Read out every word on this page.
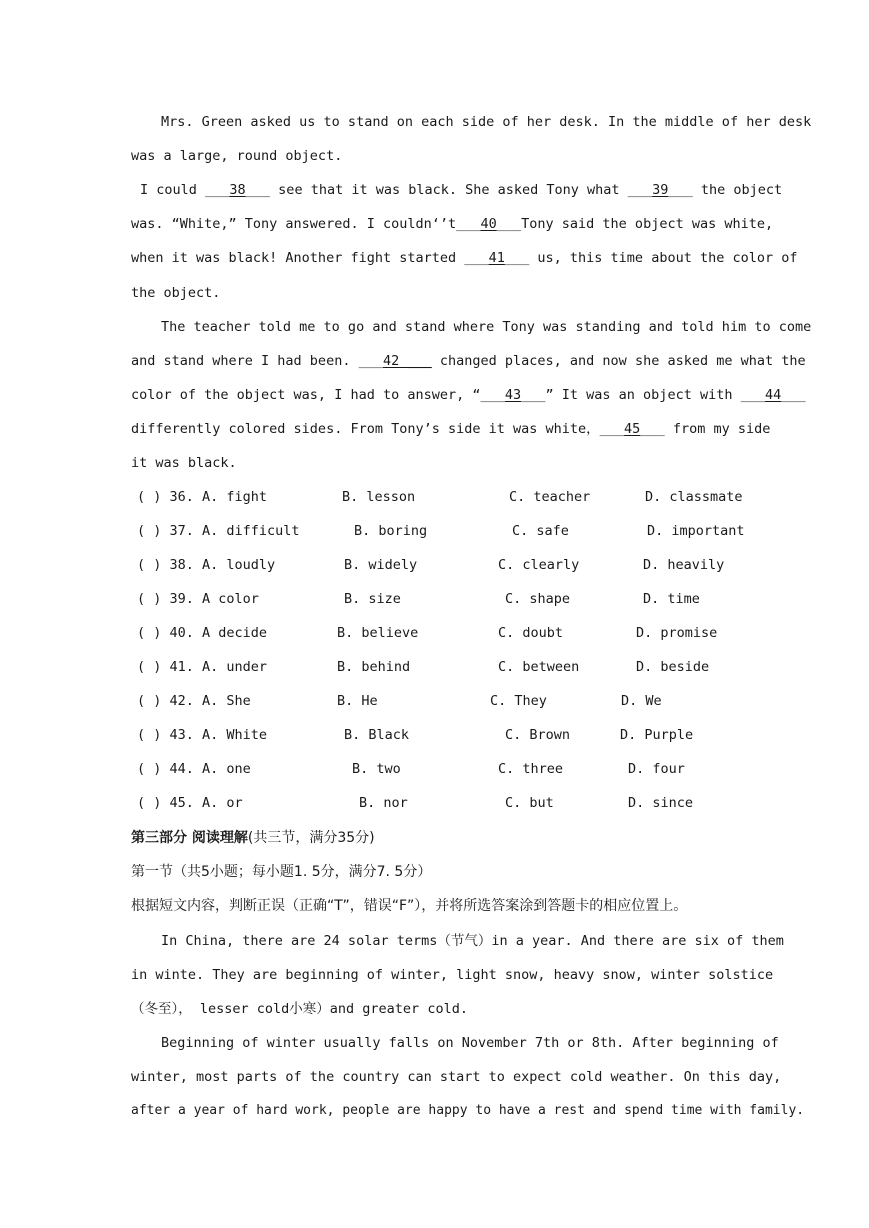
Mrs. Green asked us to stand on each side of her desk. In the middle of her desk
was a large, round object.
I could ___38___ see that it was black. She asked Tony what ___39___ the object
was. “White,” Tony answered. I couldn‘’t___40___Tony said the object was white,
when it was black! Another fight started ___41___ us, this time about the color of
the object.
The teacher told me to go and stand where Tony was standing and told him to come
and stand where I had been. ___42 ___ changed places, and now she asked me what the
color of the object was, I had to answer, “___43___” It was an object with ___44___
differently colored sides. From Tony’s side it was white，___45___ from my side
it was black.
( ) 36. A. fight	B. lesson	C. teacher	D. classmate
( ) 37. A. difficult	B. boring	C. safe	D. important
( ) 38. A. loudly	B. widely	C. clearly	D. heavily
( ) 39. A color	B. size	C. shape	D. time
( ) 40. A decide	B. believe	C. doubt	D. promise
( ) 41. A. under	B. behind	C. between	D. beside
( ) 42. A. She	B. He	C. They	D. We
( ) 43. A. White	B. Black	C. Brown	D. Purple
( ) 44. A. one	B. two	C. three	D. four
( ) 45. A. or	B. nor	C. but	D. since
第三部分 阅读理解(共三节，满分35分)
第一节（共5小题；每小题1. 5分，满分7. 5分）
根据短文内容，判断正误（正确“T”，错误“F”），并将所选答案涂到答题卡的相应位置上。
In China, there are 24 solar terms（节气）in a year. And there are six of them
in winte. They are beginning of winter, light snow, heavy snow, winter solstice
（冬至）， lesser cold小寒）and greater cold.
Beginning of winter usually falls on November 7th or 8th. After beginning of
winter, most parts of the country can start to expect cold weather. On this day,
after a year of hard work, people are happy to have a rest and spend time with family.
